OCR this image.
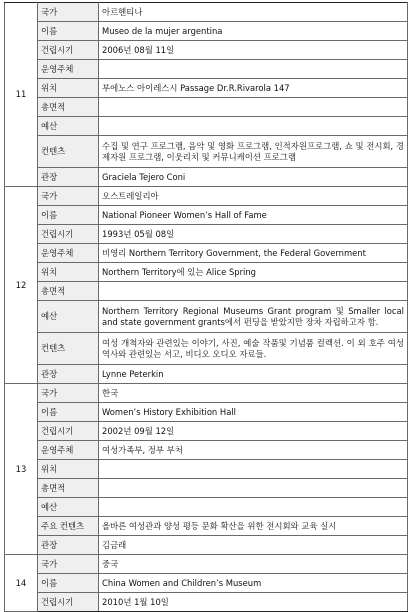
11	국가	아르헨티나
	이름	Museo de la mujer argentina
	건립시기	2006년 08월 11일
	운영주체	
	위치	부에노스 아이레스시 Passage Dr.R.Rivarola 147
	총면적	
	예산	
	컨텐츠	수집 및 연구 프로그램, 음악 및 영화 프로그램, 인적자원프로그램, 쇼 및 전시회, 경제자원 프로그램, 이웃리치 및 커뮤니케이션 프로그램
	관장	Graciela Tejero Coni
12	국가	오스트레일리아
	이름	National Pioneer Women’s Hall of Fame
	건립시기	1993년 05월 08일
	운영주체	비영리 Northern Territory Government, the Federal Government
	위치	Northern Territory에 있는 Alice Spring
	총면적	
	예산	Northern Territory Regional Museums Grant program 및 Smaller local and state government grants에서 펀딩을 받았지만 장차 자립하고자 함.
	컨텐츠	여성 개척자와 관련있는 이야기, 사진, 예술 작품및 기념품 컬렉션. 이 외 호주 여성 역사와 관련있는 서고, 비디오 오디오 자료들.
	관장	Lynne Peterkin
13	국가	한국
	이름	Women’s History Exhibition Hall
	건립시기	2002년 09월 12일
	운영주체	여성가족부, 정부 부처
	위치	
	총면적	
	예산	
	주요 컨텐츠	올바른 여성관과 양성 평등 문화 확산을 위한 전시회와 교육 실시
	관장	김금래
14	국가	중국
	이름	China Women and Children’s Museum
	건립시기	2010년 1월 10일
